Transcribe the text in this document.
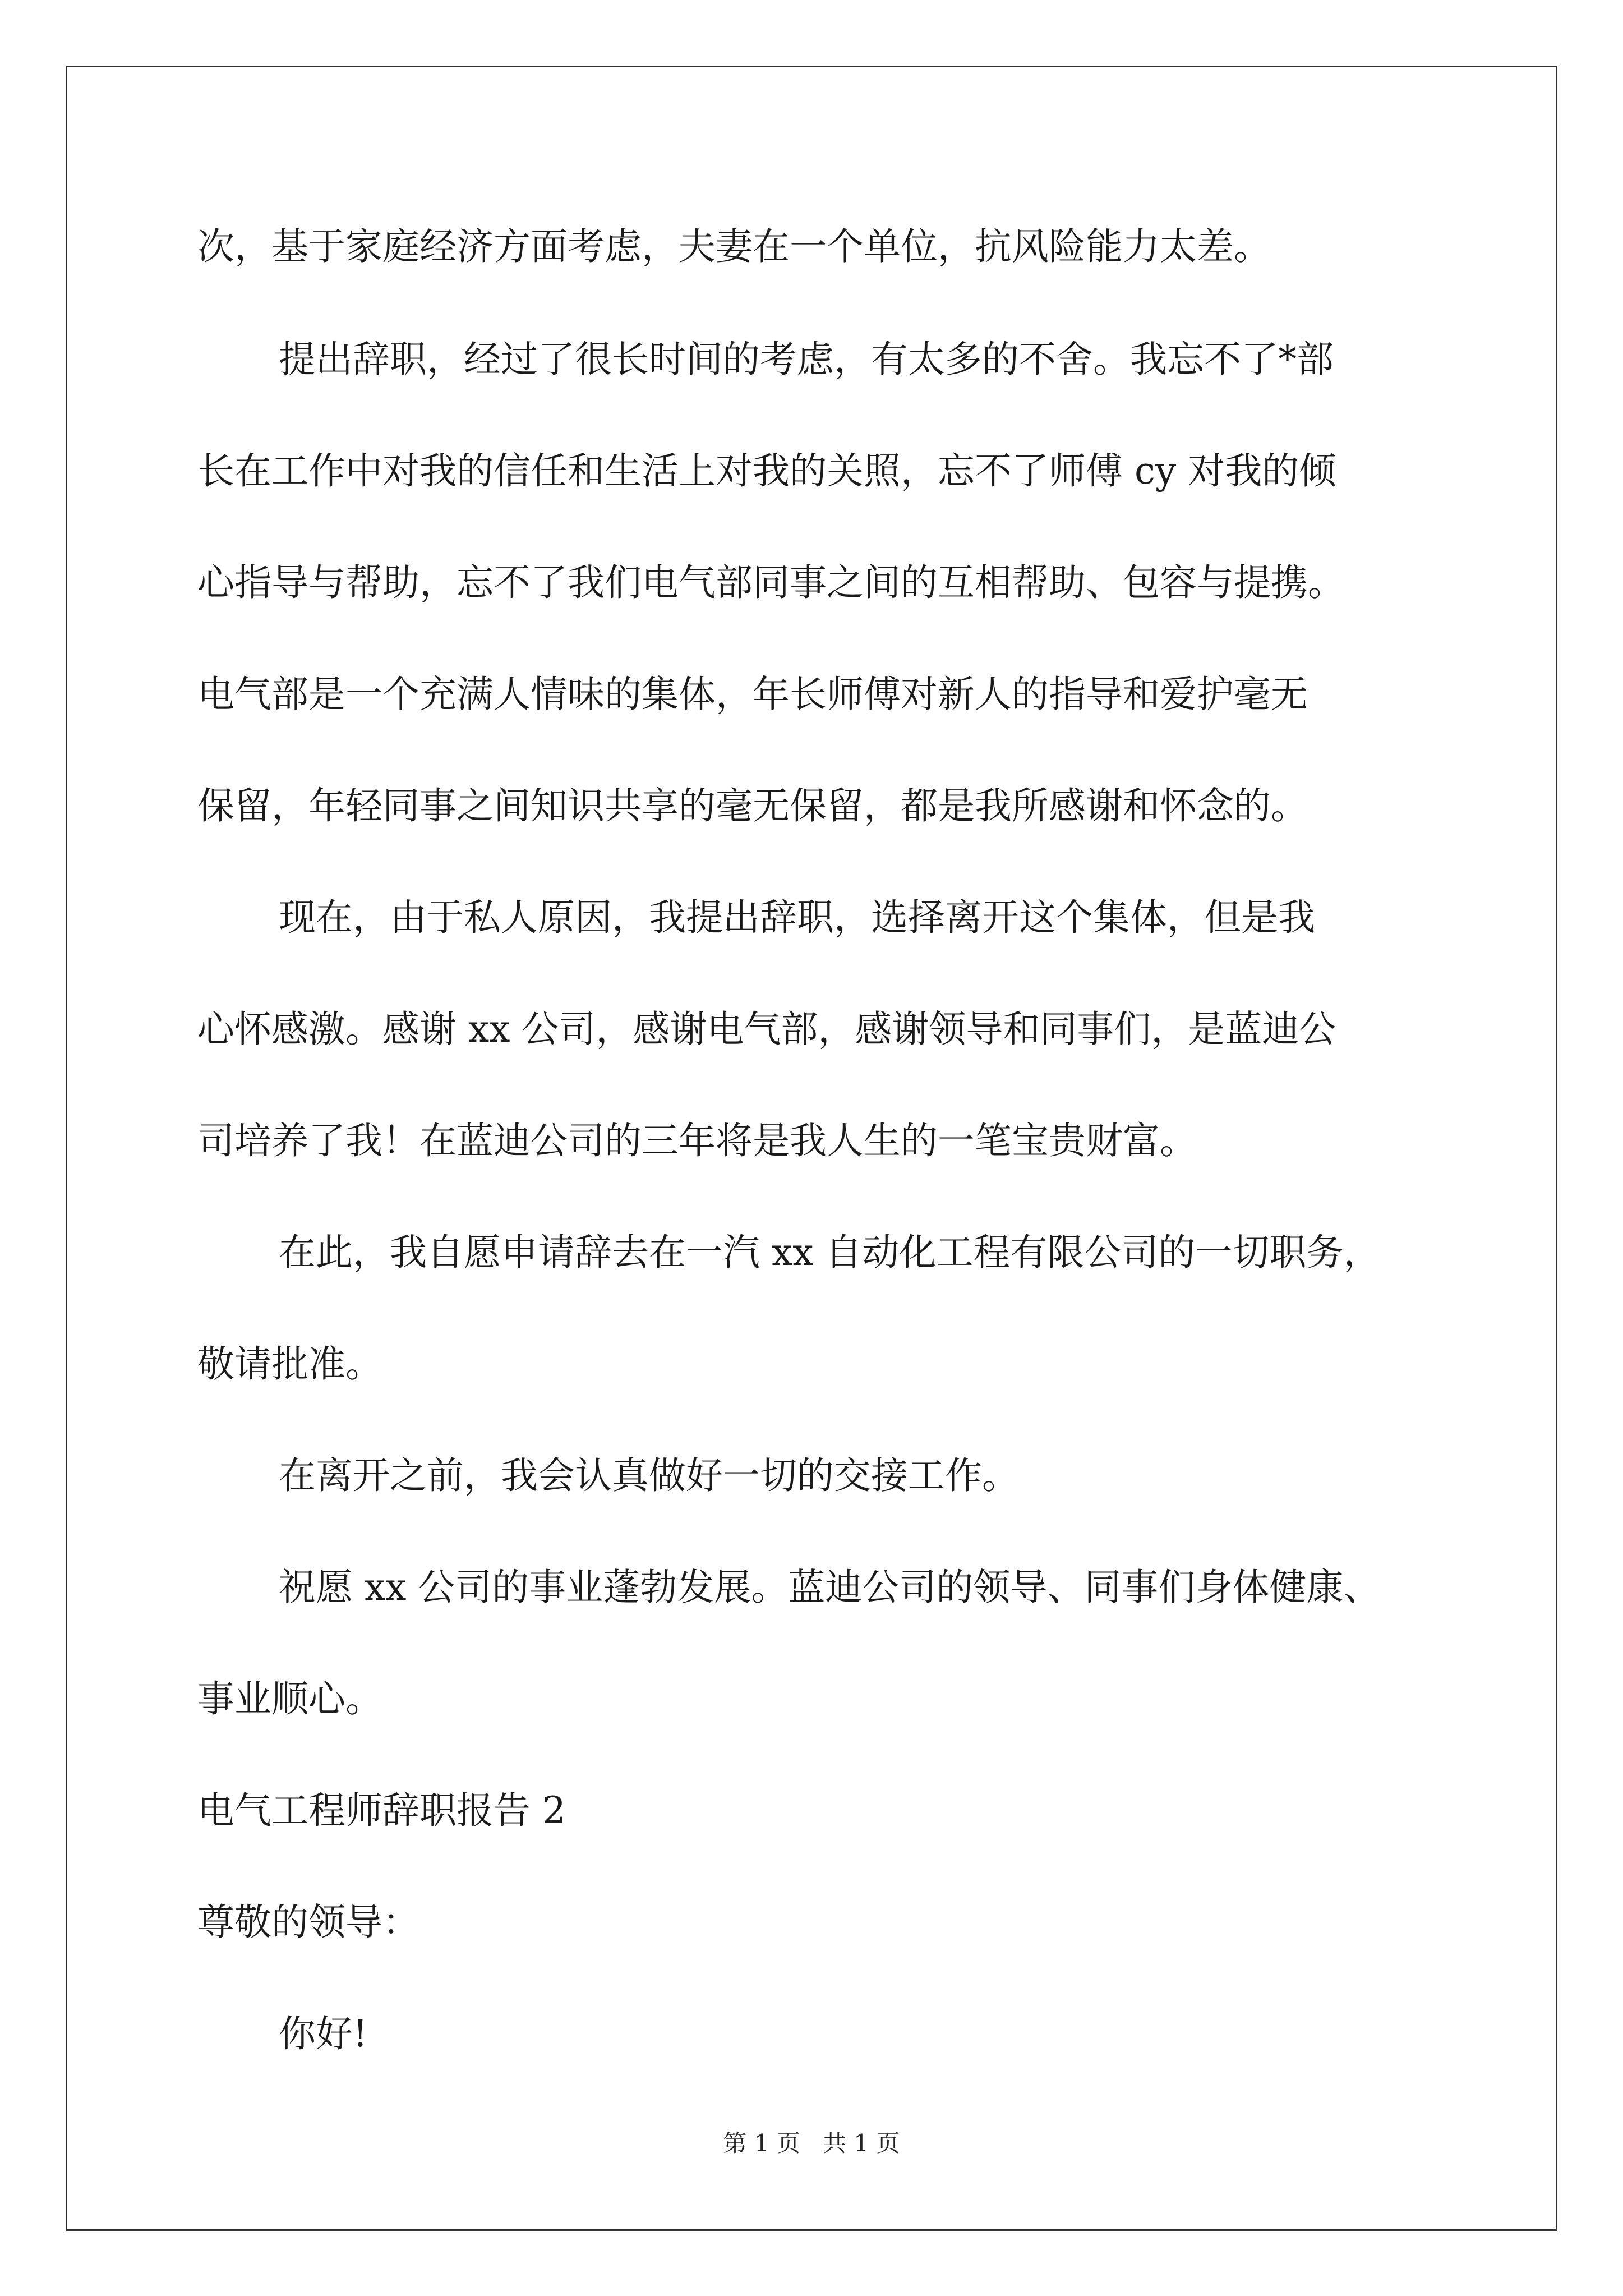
次，基于家庭经济方面考虑，夫妻在一个单位，抗风险能力太差。
提出辞职，经过了很长时间的考虑，有太多的不舍。我忘不了*部
长在工作中对我的信任和生活上对我的关照，忘不了师傅 cy 对我的倾
心指导与帮助，忘不了我们电气部同事之间的互相帮助、包容与提携。
电气部是一个充满人情味的集体，年长师傅对新人的指导和爱护毫无
保留，年轻同事之间知识共享的毫无保留，都是我所感谢和怀念的。
现在，由于私人原因，我提出辞职，选择离开这个集体，但是我
心怀感激。感谢 xx 公司，感谢电气部，感谢领导和同事们，是蓝迪公
司培养了我！在蓝迪公司的三年将是我人生的一笔宝贵财富。
在此，我自愿申请辞去在一汽 xx 自动化工程有限公司的一切职务，
敬请批准。
在离开之前，我会认真做好一切的交接工作。
祝愿 xx 公司的事业蓬勃发展。蓝迪公司的领导、同事们身体健康、
事业顺心。
电气工程师辞职报告 2
尊敬的领导：
你好!
第 1 页   共 1 页
